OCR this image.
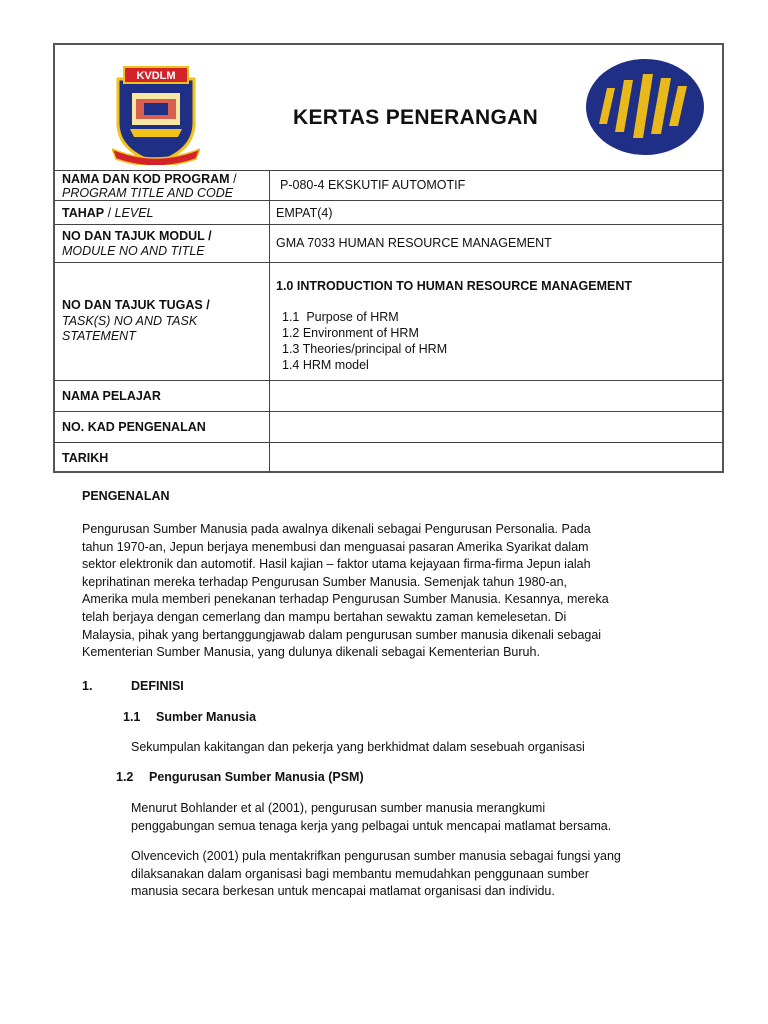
KVDLM
KERTAS PENERANGAN
NAMA DAN KOD PROGRAM /
PROGRAM TITLE AND CODE
P-080-4 EKSKUTIF AUTOMOTIF
TAHAP / LEVEL	EMPAT(4)
NO DAN TAJUK MODUL /
MODULE NO AND TITLE
GMA 7033 HUMAN RESOURCE MANAGEMENT
NO DAN TAJUK TUGAS /
TASK(S) NO AND TASK
STATEMENT
1.0 INTRODUCTION TO HUMAN RESOURCE MANAGEMENT
1.1  Purpose of HRM
1.2 Environment of HRM
1.3 Theories/principal of HRM
1.4 HRM model
NAMA PELAJAR
NO. KAD PENGENALAN
TARIKH
PENGENALAN
Pengurusan Sumber Manusia pada awalnya dikenali sebagai Pengurusan Personalia. Pada
tahun 1970-an, Jepun berjaya menembusi dan menguasai pasaran Amerika Syarikat dalam
sektor elektronik dan automotif. Hasil kajian – faktor utama kejayaan firma-firma Jepun ialah
keprihatinan mereka terhadap Pengurusan Sumber Manusia. Semenjak tahun 1980-an,
Amerika mula memberi penekanan terhadap Pengurusan Sumber Manusia. Kesannya, mereka
telah berjaya dengan cemerlang dan mampu bertahan sewaktu zaman kemelesetan. Di
Malaysia, pihak yang bertanggungjawab dalam pengurusan sumber manusia dikenali sebagai
Kementerian Sumber Manusia, yang dulunya dikenali sebagai Kementerian Buruh.
1.	DEFINISI
1.1 Sumber Manusia
Sekumpulan kakitangan dan pekerja yang berkhidmat dalam sesebuah organisasi
1.2 Pengurusan Sumber Manusia (PSM)
Menurut Bohlander et al (2001), pengurusan sumber manusia merangkumi
penggabungan semua tenaga kerja yang pelbagai untuk mencapai matlamat bersama.
Olvencevich (2001) pula mentakrifkan pengurusan sumber manusia sebagai fungsi yang
dilaksanakan dalam organisasi bagi membantu memudahkan penggunaan sumber
manusia secara berkesan untuk mencapai matlamat organisasi dan individu.
